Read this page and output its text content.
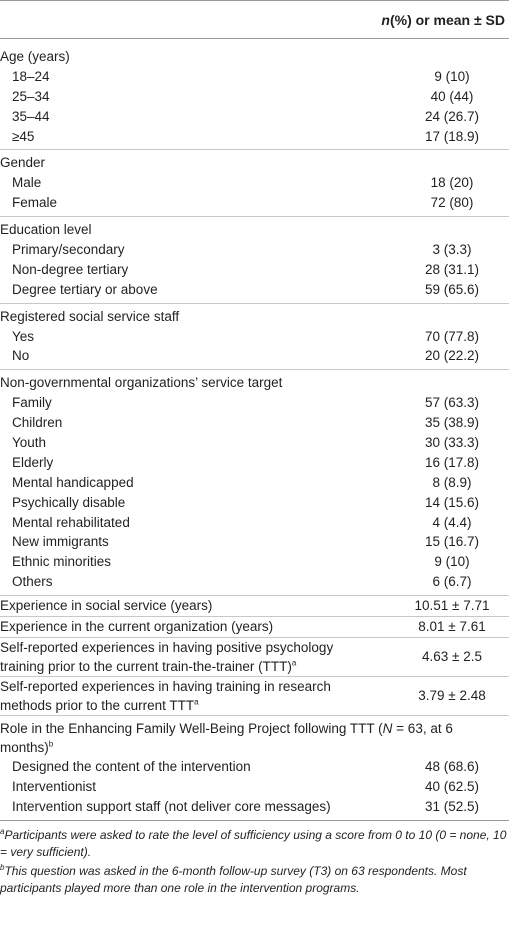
n (%) or mean ± SD
Age (years)
18–24	9 (10)
25–34	40 (44)
35–44	24 (26.7)
≥45	17 (18.9)
Gender
Male	18 (20)
Female	72 (80)
Education level
Primary/secondary	3 (3.3)
Non-degree tertiary	28 (31.1)
Degree tertiary or above	59 (65.6)
Registered social service staff
Yes	70 (77.8)
No	20 (22.2)
Non-governmental organizations’ service target
Family	57 (63.3)
Children	35 (38.9)
Youth	30 (33.3)
Elderly	16 (17.8)
Mental handicapped	8 (8.9)
Psychically disable	14 (15.6)
Mental rehabilitated	4 (4.4)
New immigrants	15 (16.7)
Ethnic minorities	9 (10)
Others	6 (6.7)
Experience in social service (years)	10.51 ± 7.71
Experience in the current organization (years)	8.01 ± 7.61
Self-reported experiences in having positive psychology training prior to the current train-the-trainer (TTT)$^a$	4.63 ± 2.5
Self-reported experiences in having training in research methods prior to the current TTT$^a$	3.79 ± 2.48
Role in the Enhancing Family Well-Being Project following TTT (N = 63, at 6 months)$^b$
Designed the content of the intervention	48 (68.6)
Interventionist	40 (62.5)
Intervention support staff (not deliver core messages)	31 (52.5)

$^a$Participants were asked to rate the level of sufficiency using a score from 0 to 10 (0 = none, 10 = very sufficient).

$^b$This question was asked in the 6-month follow-up survey (T3) on 63 respondents. Most participants played more than one role in the intervention programs.
